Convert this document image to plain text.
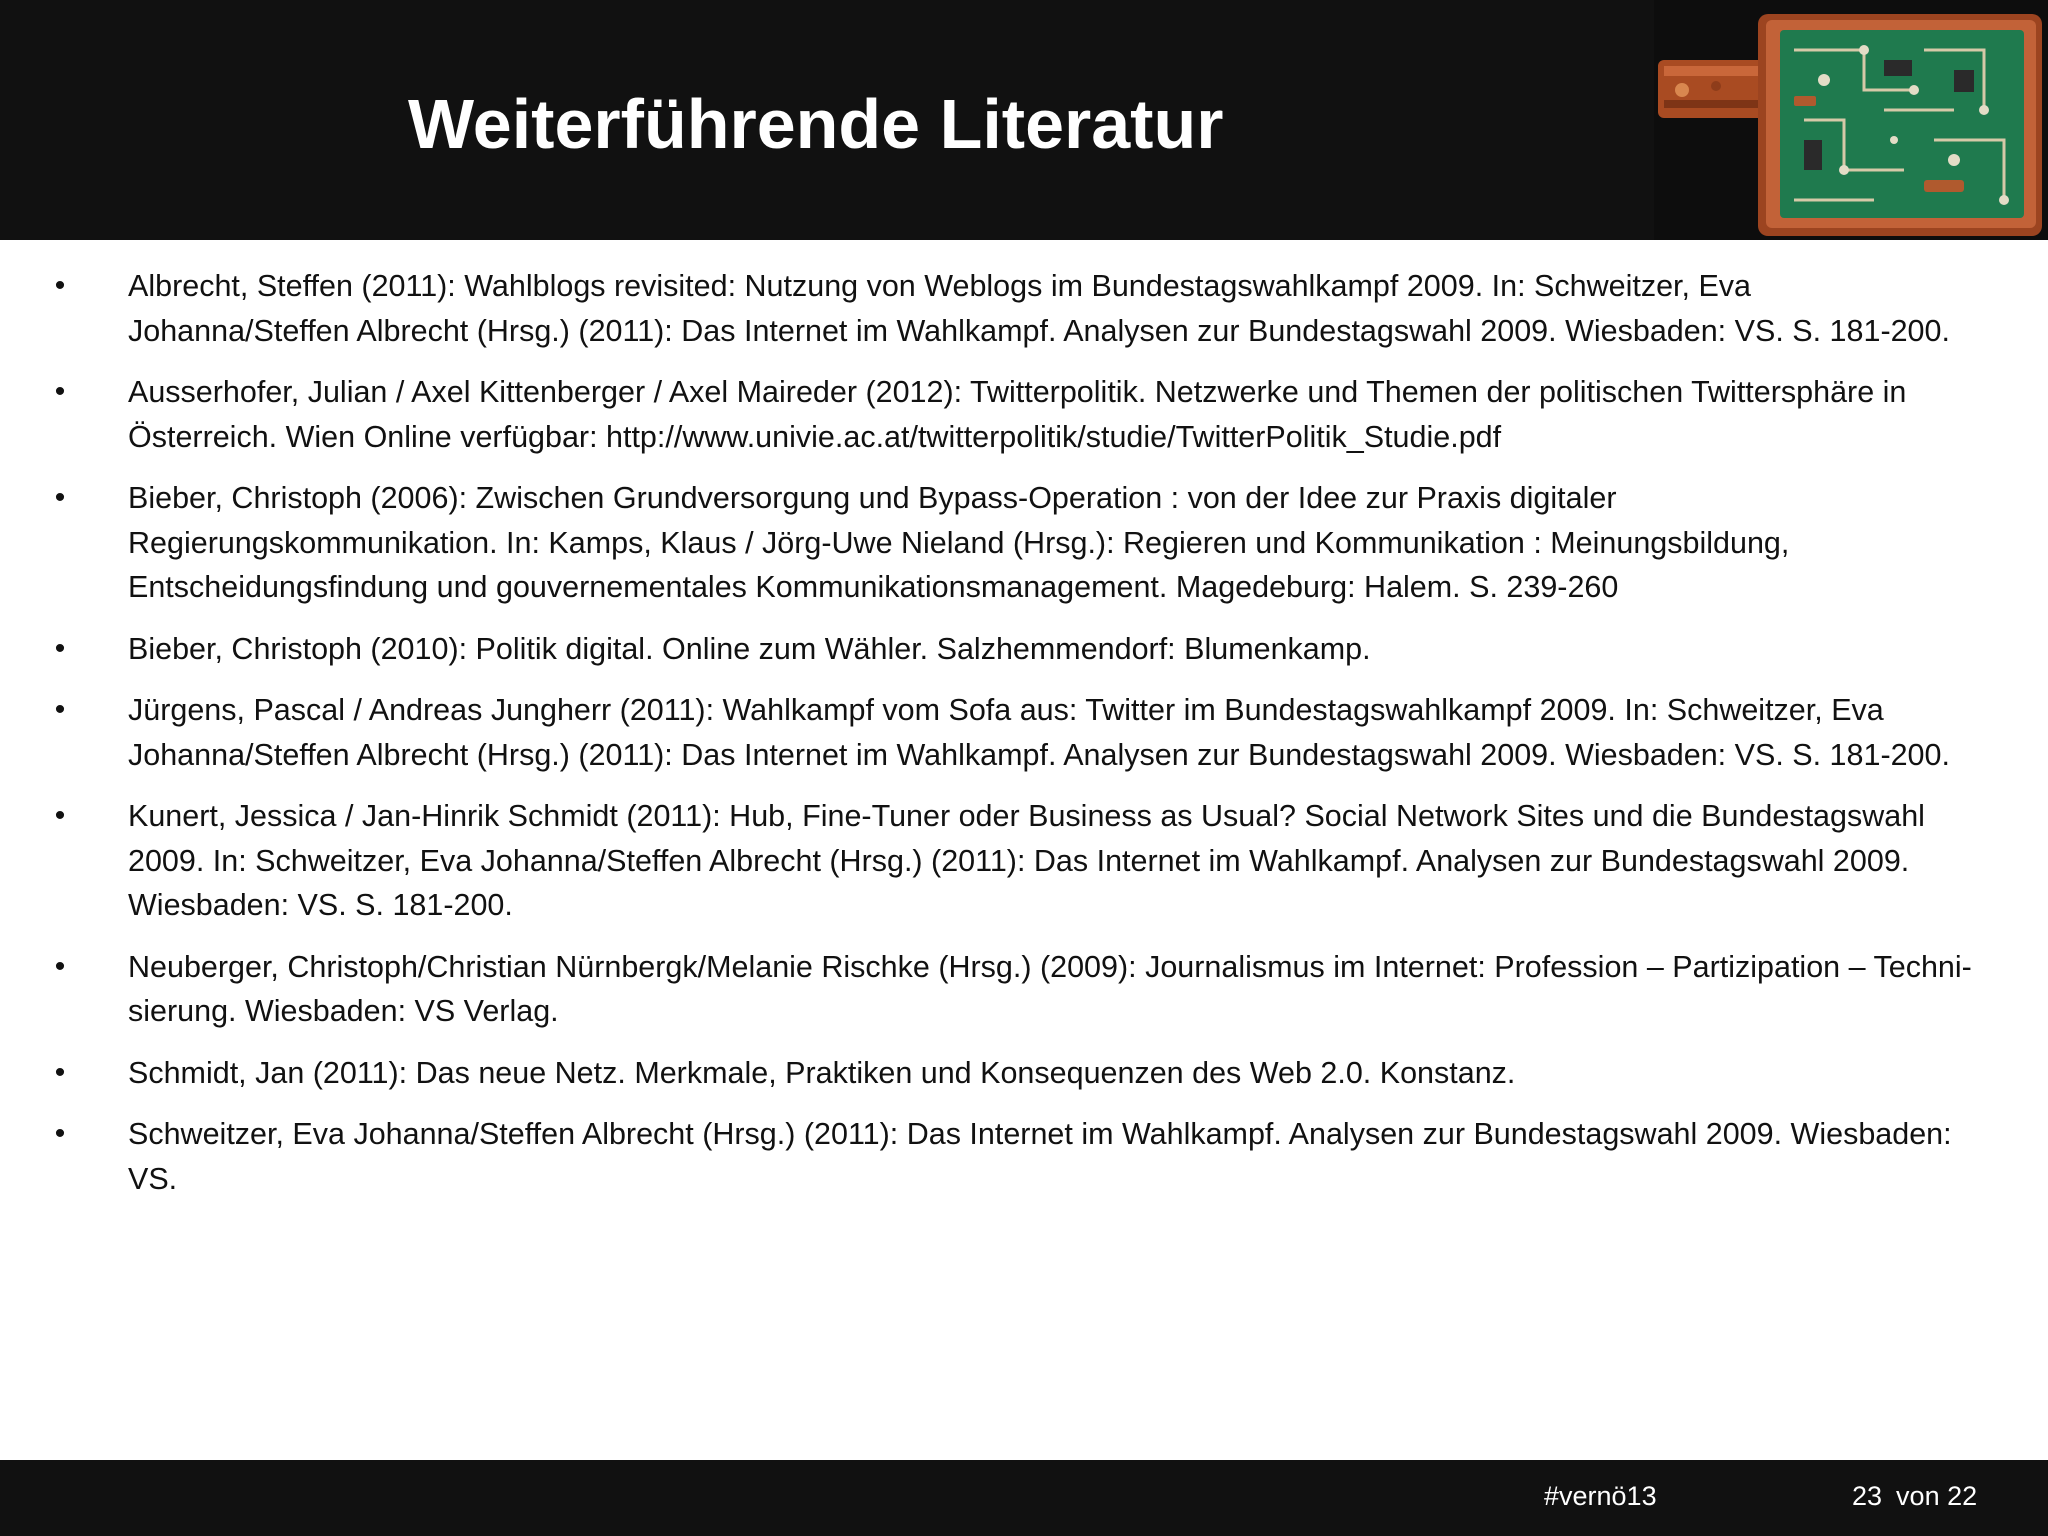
Weiterführende Literatur
• Albrecht, Steffen (2011): Wahlblogs revisited: Nutzung von Weblogs im Bundestagswahlkampf 2009. In: Schweitzer, Eva Johanna/Steffen Albrecht (Hrsg.) (2011): Das Internet im Wahlkampf. Analysen zur Bundestagswahl 2009. Wiesbaden: VS. S. 181-200.
• Ausserhofer, Julian / Axel Kittenberger / Axel Maireder (2012): Twitterpolitik. Netzwerke und Themen der politischen Twittersphäre in Österreich. Wien Online verfügbar: http://www.univie.ac.at/twitterpolitik/studie/TwitterPolitik_Studie.pdf
• Bieber, Christoph (2006): Zwischen Grundversorgung und Bypass-Operation : von der Idee zur Praxis digitaler Regierungskommunikation. In: Kamps, Klaus / Jörg-Uwe Nieland (Hrsg.): Regieren und Kommunikation : Meinungsbildung, Entscheidungsfindung und gouvernementales Kommunikationsmanagement. Magedeburg: Halem. S. 239-260
• Bieber, Christoph (2010): Politik digital. Online zum Wähler. Salzhemmendorf: Blumenkamp.
• Jürgens, Pascal / Andreas Jungherr (2011): Wahlkampf vom Sofa aus: Twitter im Bundestagswahlkampf 2009. In: Schweitzer, Eva Johanna/Steffen Albrecht (Hrsg.) (2011): Das Internet im Wahlkampf. Analysen zur Bundestagswahl 2009. Wiesbaden: VS. S. 181-200.
• Kunert, Jessica / Jan-Hinrik Schmidt (2011): Hub, Fine-Tuner oder Business as Usual? Social Network Sites und die Bundestagswahl 2009. In: Schweitzer, Eva Johanna/Steffen Albrecht (Hrsg.) (2011): Das Internet im Wahlkampf. Analysen zur Bundestagswahl 2009. Wiesbaden: VS. S. 181-200.
• Neuberger, Christoph/Christian Nürnbergk/Melanie Rischke (Hrsg.) (2009): Journalismus im Internet: Profession – Partizipation – Techni-sierung. Wiesbaden: VS Verlag.
• Schmidt, Jan (2011): Das neue Netz. Merkmale, Praktiken und Konsequenzen des Web 2.0. Konstanz.
• Schweitzer, Eva Johanna/Steffen Albrecht (Hrsg.) (2011): Das Internet im Wahlkampf. Analysen zur Bundestagswahl 2009. Wiesbaden: VS.
#vernö13	23 von 22
